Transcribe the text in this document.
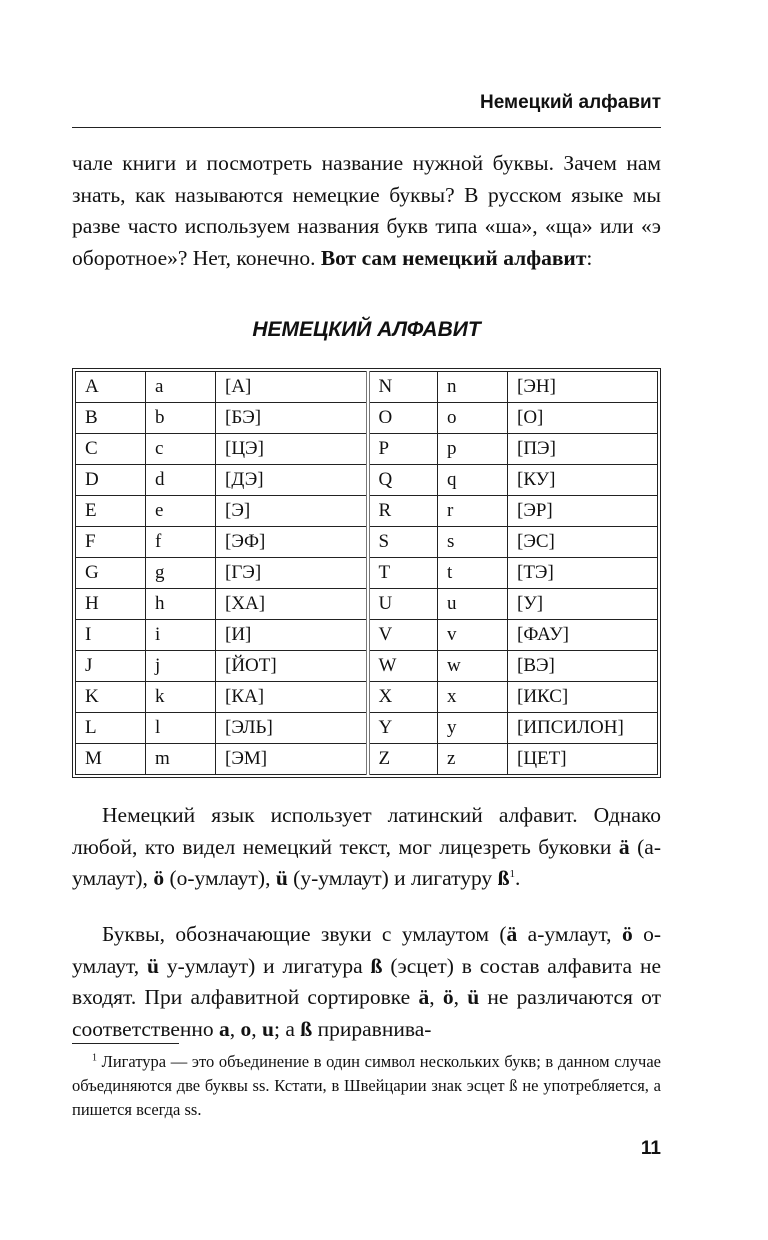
Немецкий алфавит

чале книги и посмотреть название нужной буквы. Зачем нам знать, как называются немецкие буквы? В русском языке мы разве часто используем названия букв типа «ша», «ща» или «э оборотное»? Нет, конечно. Вот сам немецкий алфавит:

НЕМЕЦКИЙ АЛФАВИТ
A	a	[А]	N	n	[ЭН]
B	b	[БЭ]	O	o	[О]
C	c	[ЦЭ]	P	p	[ПЭ]
D	d	[ДЭ]	Q	q	[КУ]
E	e	[Э]	R	r	[ЭР]
F	f	[ЭФ]	S	s	[ЭС]
G	g	[ГЭ]	T	t	[ТЭ]
H	h	[ХА]	U	u	[У]
I	i	[И]	V	v	[ФАУ]
J	j	[ЙОТ]	W	w	[ВЭ]
K	k	[КА]	X	x	[ИКС]
L	l	[ЭЛЬ]	Y	y	[ИПСИЛОН]
M	m	[ЭМ]	Z	z	[ЦЕТ]

Немецкий язык использует латинский алфавит. Однако любой, кто видел немецкий текст, мог лицезреть буковки ä (а-умлаут), ö (о-умлаут), ü (у-умлаут) и лигатуру $ß^1$.

Буквы, обозначающие звуки с умлаутом (ä а-умлаут, ö о-умлаут, ü у-умлаут) и лигатура ß (эсцет) в состав алфавита не входят. При алфавитной сортировке ä, ö, ü не различаются от соответственно a, o, u; а ß приравнива-

$^1$ Лигатура — это объединение в один символ нескольких букв; в данном случае объединяются две буквы ss. Кстати, в Швейцарии знак эсцет ß не употребляется, а пишется всегда ss.

11
